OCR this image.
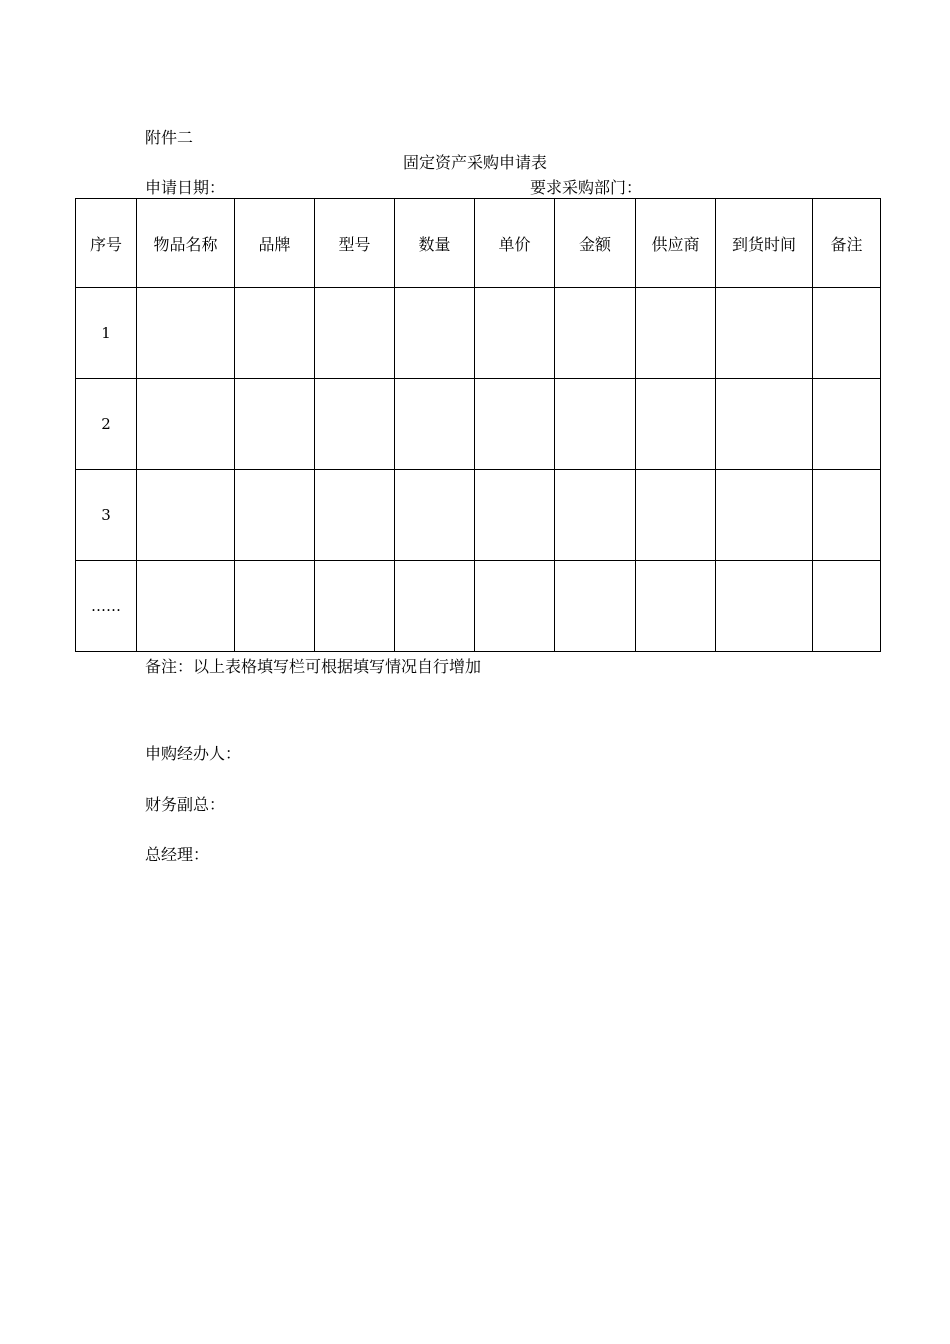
附件二
固定资产采购申请表
申请日期：	要求采购部门：
序号	物品名称	品牌	型号	数量	单价	金额	供应商	到货时间	备注
1									
2									
3									
……									
备注：以上表格填写栏可根据填写情况自行增加
申购经办人：
财务副总：
总经理：
